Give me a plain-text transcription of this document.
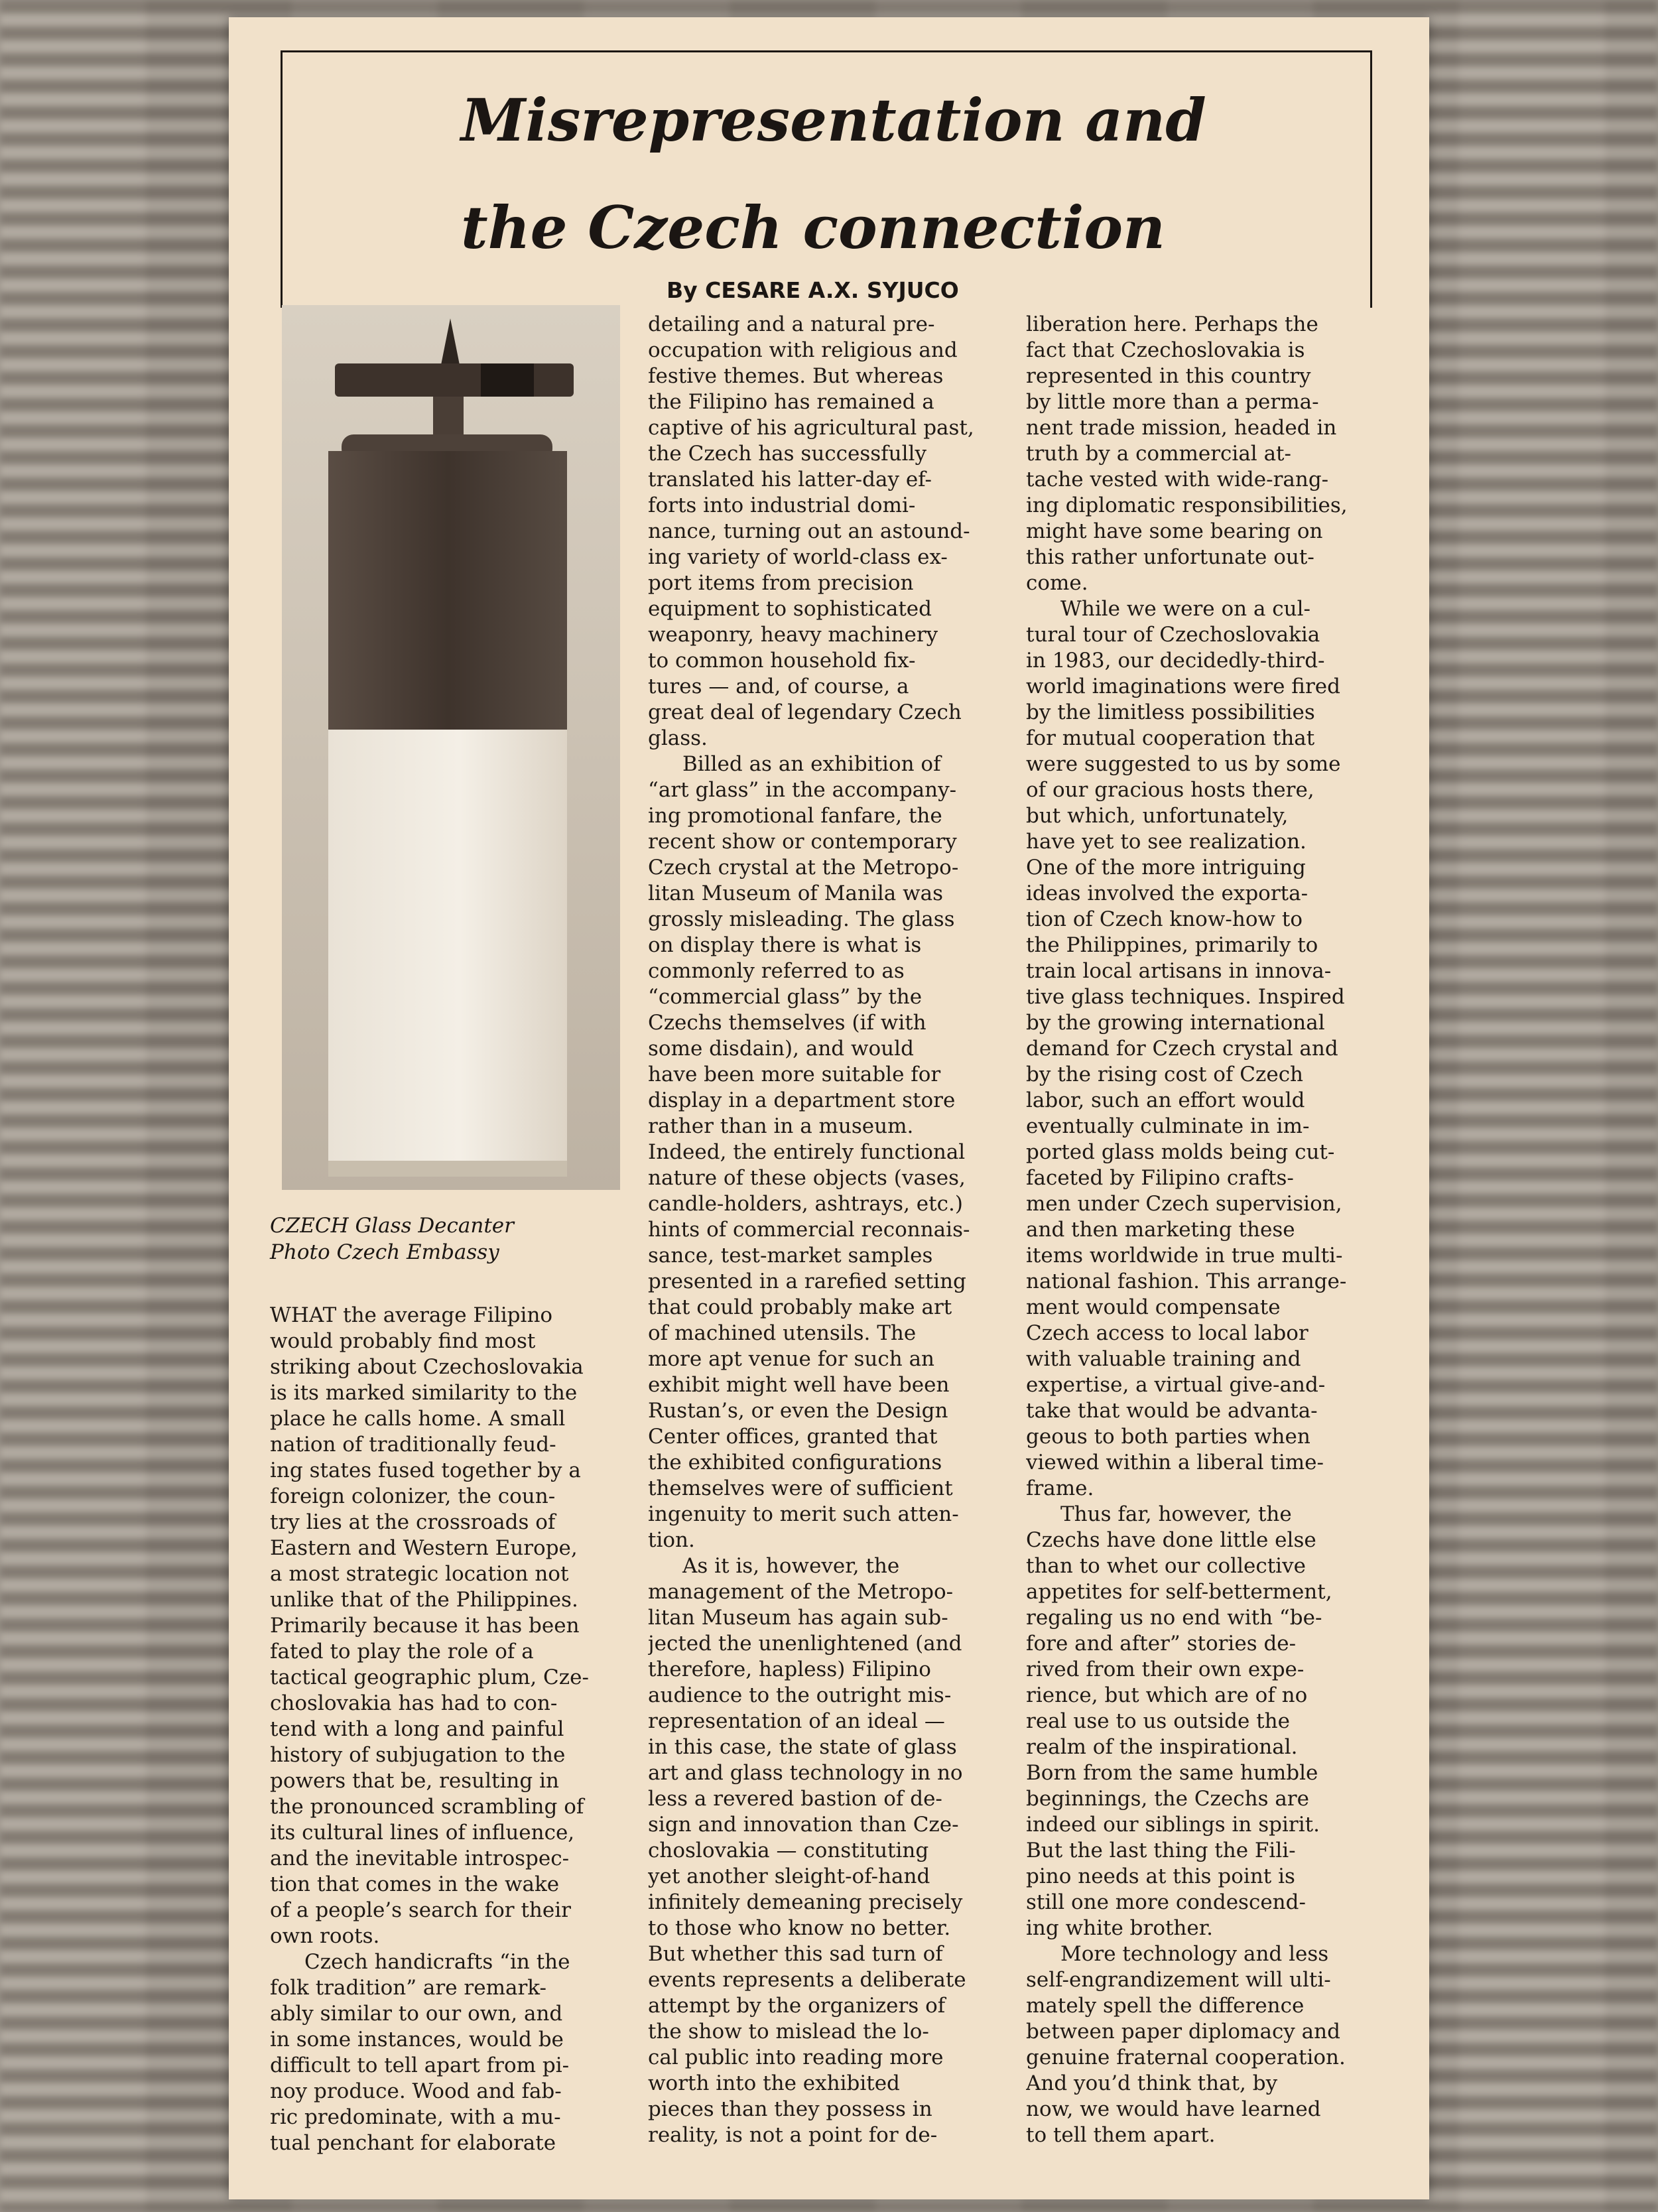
Misrepresentation and
the Czech connection

By CESARE A.X. SYJUCO

CZECH Glass Decanter
Photo Czech Embassy

WHAT the average Filipino
would probably find most
striking about Czechoslovakia
is its marked similarity to the
place he calls home. A small
nation of traditionally feud-
ing states fused together by a
foreign colonizer, the coun-
try lies at the crossroads of
Eastern and Western Europe,
a most strategic location not
unlike that of the Philippines.
Primarily because it has been
fated to play the role of a
tactical geographic plum, Cze-
choslovakia has had to con-
tend with a long and painful
history of subjugation to the
powers that be, resulting in
the pronounced scrambling of
its cultural lines of influence,
and the inevitable introspec-
tion that comes in the wake
of a people’s search for their
own roots.
Czech handicrafts “in the
folk tradition” are remark-
ably similar to our own, and
in some instances, would be
difficult to tell apart from pi-
noy produce. Wood and fab-
ric predominate, with a mu-
tual penchant for elaborate
detailing and a natural pre-
occupation with religious and
festive themes. But whereas
the Filipino has remained a
captive of his agricultural past,
the Czech has successfully
translated his latter-day ef-
forts into industrial domi-
nance, turning out an astound-
ing variety of world-class ex-
port items from precision
equipment to sophisticated
weaponry, heavy machinery
to common household fix-
tures — and, of course, a
great deal of legendary Czech
glass.
Billed as an exhibition of
“art glass” in the accompany-
ing promotional fanfare, the
recent show or contemporary
Czech crystal at the Metropo-
litan Museum of Manila was
grossly misleading. The glass
on display there is what is
commonly referred to as
“commercial glass” by the
Czechs themselves (if with
some disdain), and would
have been more suitable for
display in a department store
rather than in a museum.
Indeed, the entirely functional
nature of these objects (vases,
candle-holders, ashtrays, etc.)
hints of commercial reconnais-
sance, test-market samples
presented in a rarefied setting
that could probably make art
of machined utensils. The
more apt venue for such an
exhibit might well have been
Rustan’s, or even the Design
Center offices, granted that
the exhibited configurations
themselves were of sufficient
ingenuity to merit such atten-
tion.
As it is, however, the
management of the Metropo-
litan Museum has again sub-
jected the unenlightened (and
therefore, hapless) Filipino
audience to the outright mis-
representation of an ideal —
in this case, the state of glass
art and glass technology in no
less a revered bastion of de-
sign and innovation than Cze-
choslovakia — constituting
yet another sleight-of-hand
infinitely demeaning precisely
to those who know no better.
But whether this sad turn of
events represents a deliberate
attempt by the organizers of
the show to mislead the lo-
cal public into reading more
worth into the exhibited
pieces than they possess in
reality, is not a point for de-
liberation here. Perhaps the
fact that Czechoslovakia is
represented in this country
by little more than a perma-
nent trade mission, headed in
truth by a commercial at-
tache vested with wide-rang-
ing diplomatic responsibilities,
might have some bearing on
this rather unfortunate out-
come.
While we were on a cul-
tural tour of Czechoslovakia
in 1983, our decidedly-third-
world imaginations were fired
by the limitless possibilities
for mutual cooperation that
were suggested to us by some
of our gracious hosts there,
but which, unfortunately,
have yet to see realization.
One of the more intriguing
ideas involved the exporta-
tion of Czech know-how to
the Philippines, primarily to
train local artisans in innova-
tive glass techniques. Inspired
by the growing international
demand for Czech crystal and
by the rising cost of Czech
labor, such an effort would
eventually culminate in im-
ported glass molds being cut-
faceted by Filipino crafts-
men under Czech supervision,
and then marketing these
items worldwide in true multi-
national fashion. This arrange-
ment would compensate
Czech access to local labor
with valuable training and
expertise, a virtual give-and-
take that would be advanta-
geous to both parties when
viewed within a liberal time-
frame.
Thus far, however, the
Czechs have done little else
than to whet our collective
appetites for self-betterment,
regaling us no end with “be-
fore and after” stories de-
rived from their own expe-
rience, but which are of no
real use to us outside the
realm of the inspirational.
Born from the same humble
beginnings, the Czechs are
indeed our siblings in spirit.
But the last thing the Fili-
pino needs at this point is
still one more condescend-
ing white brother.
More technology and less
self-engrandizement will ulti-
mately spell the difference
between paper diplomacy and
genuine fraternal cooperation.
And you’d think that, by
now, we would have learned
to tell them apart.
